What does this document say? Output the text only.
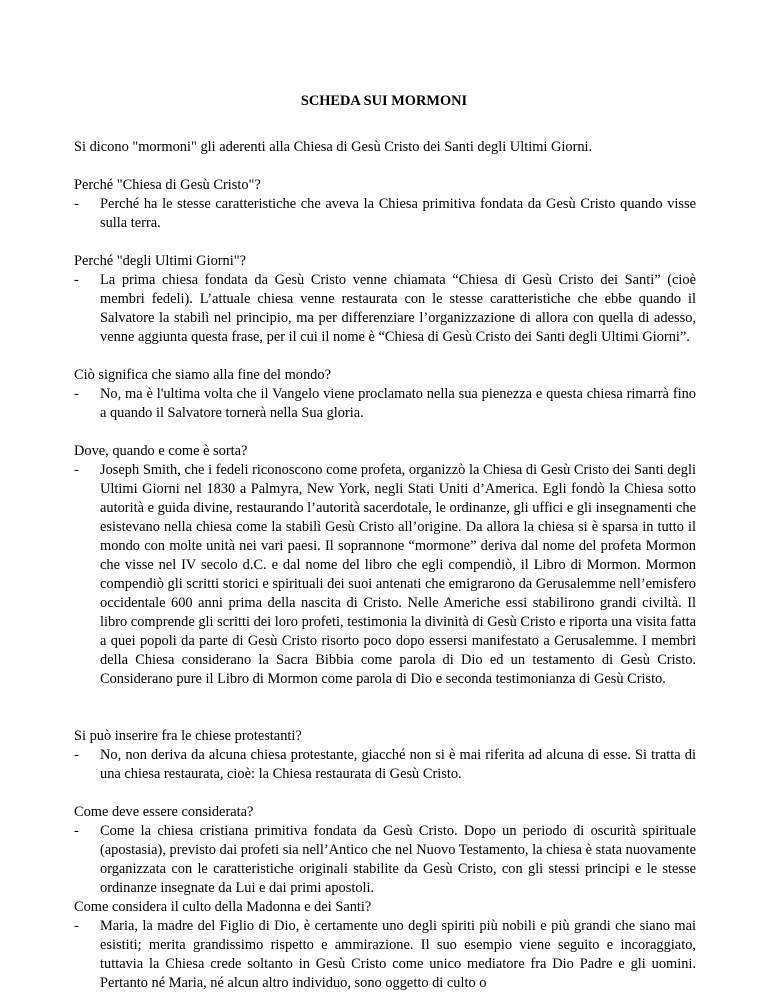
SCHEDA SUI MORMONI
Si dicono "mormoni" gli aderenti alla Chiesa di Gesù Cristo dei Santi degli Ultimi Giorni.
Perché "Chiesa di Gesù Cristo"?
- Perché ha le stesse caratteristiche che aveva la Chiesa primitiva fondata da Gesù Cristo quando visse sulla terra.
Perché "degli Ultimi Giorni"?
- La prima chiesa fondata da Gesù Cristo venne chiamata “Chiesa di Gesù Cristo dei Santi” (cioè membri fedeli). L’attuale chiesa venne restaurata con le stesse caratteristiche che ebbe quando il Salvatore la stabilì nel principio, ma per differenziare l’organizzazione di allora con quella di adesso, venne aggiunta questa frase, per il cui il nome è “Chiesa di Gesù Cristo dei Santi degli Ultimi Giorni”.
Ciò significa che siamo alla fine del mondo?
- No, ma è l'ultima volta che il Vangelo viene proclamato nella sua pienezza e questa chiesa rimarrà fino a quando il Salvatore tornerà nella Sua gloria.
Dove, quando e come è sorta?
- Joseph Smith, che i fedeli riconoscono come profeta, organizzò la Chiesa di Gesù Cristo dei Santi degli Ultimi Giorni nel 1830 a Palmyra, New York, negli Stati Uniti d’America. Egli fondò la Chiesa sotto autorità e guida divine, restaurando l’autorità sacerdotale, le ordinanze, gli uffici e gli insegnamenti che esistevano nella chiesa come la stabilì Gesù Cristo all’origine. Da allora la chiesa si è sparsa in tutto il mondo con molte unità nei vari paesi. Il soprannone “mormone” deriva dal nome del profeta Mormon che visse nel IV secolo d.C. e dal nome del libro che egli compendiò, il Libro di Mormon. Mormon compendiò gli scritti storici e spirituali dei suoi antenati che emigrarono da Gerusalemme nell’emisfero occidentale 600 anni prima della nascita di Cristo. Nelle Americhe essi stabilirono grandi civiltà. Il libro comprende gli scritti dei loro profeti, testimonia la divinità di Gesù Cristo e riporta una visita fatta a quei popoli da parte di Gesù Cristo risorto poco dopo essersi manifestato a Gerusalemme. I membri della Chiesa considerano la Sacra Bibbia come parola di Dio ed un testamento di Gesù Cristo. Considerano pure il Libro di Mormon come parola di Dio e seconda testimonianza di Gesù Cristo.
Si può inserire fra le chiese protestanti?
- No, non deriva da alcuna chiesa protestante, giacché non si è mai riferita ad alcuna di esse. Si tratta di una chiesa restaurata, cioè: la Chiesa restaurata di Gesù Cristo.
Come deve essere considerata?
- Come la chiesa cristiana primitiva fondata da Gesù Cristo. Dopo un periodo di oscurità spirituale (apostasia), previsto dai profeti sia nell’Antico che nel Nuovo Testamento, la chiesa è stata nuovamente organizzata con le caratteristiche originali stabilite da Gesù Cristo, con gli stessi principi e le stesse ordinanze insegnate da Lui e dai primi apostoli.
Come considera il culto della Madonna e dei Santi?
- Maria, la madre del Figlio di Dio, è certamente uno degli spiriti più nobili e più grandi che siano mai esistiti; merita grandissimo rispetto e ammirazione. Il suo esempio viene seguito e incoraggiato, tuttavia la Chiesa crede soltanto in Gesù Cristo come unico mediatore fra Dio Padre e gli uomini. Pertanto né Maria, né alcun altro individuo, sono oggetto di culto o
